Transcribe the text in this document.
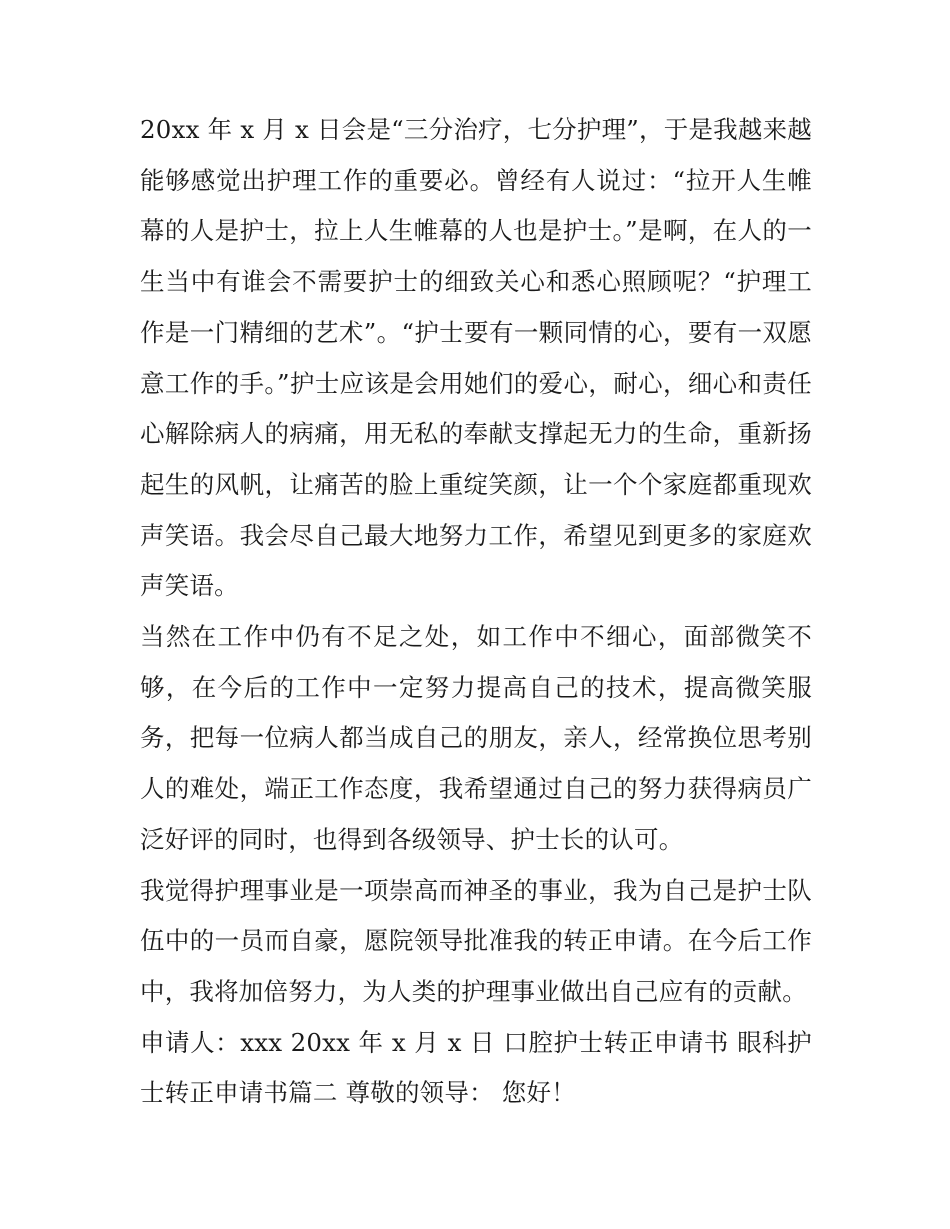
20xx 年 x 月 x 日会是“三分治疗，七分护理”，于是我越来越能够感觉出护理工作的重要必。曾经有人说过：“拉开人生帷幕的人是护士，拉上人生帷幕的人也是护士。”是啊，在人的一生当中有谁会不需要护士的细致关心和悉心照顾呢？“护理工作是一门精细的艺术”。“护士要有一颗同情的心，要有一双愿意工作的手。”护士应该是会用她们的爱心，耐心，细心和责任心解除病人的病痛，用无私的奉献支撑起无力的生命，重新扬起生的风帆，让痛苦的脸上重绽笑颜，让一个个家庭都重现欢声笑语。我会尽自己最大地努力工作，希望见到更多的家庭欢声笑语。

当然在工作中仍有不足之处，如工作中不细心，面部微笑不够，在今后的工作中一定努力提高自己的技术，提高微笑服务，把每一位病人都当成自己的朋友，亲人，经常换位思考别人的难处，端正工作态度，我希望通过自己的努力获得病员广泛好评的同时，也得到各级领导、护士长的认可。

我觉得护理事业是一项崇高而神圣的事业，我为自己是护士队伍中的一员而自豪，愿院领导批准我的转正申请。在今后工作中，我将加倍努力，为人类的护理事业做出自己应有的贡献。

申请人：xxx 20xx 年 x 月 x 日 口腔护士转正申请书 眼科护士转正申请书篇二 尊敬的领导： 您好！
